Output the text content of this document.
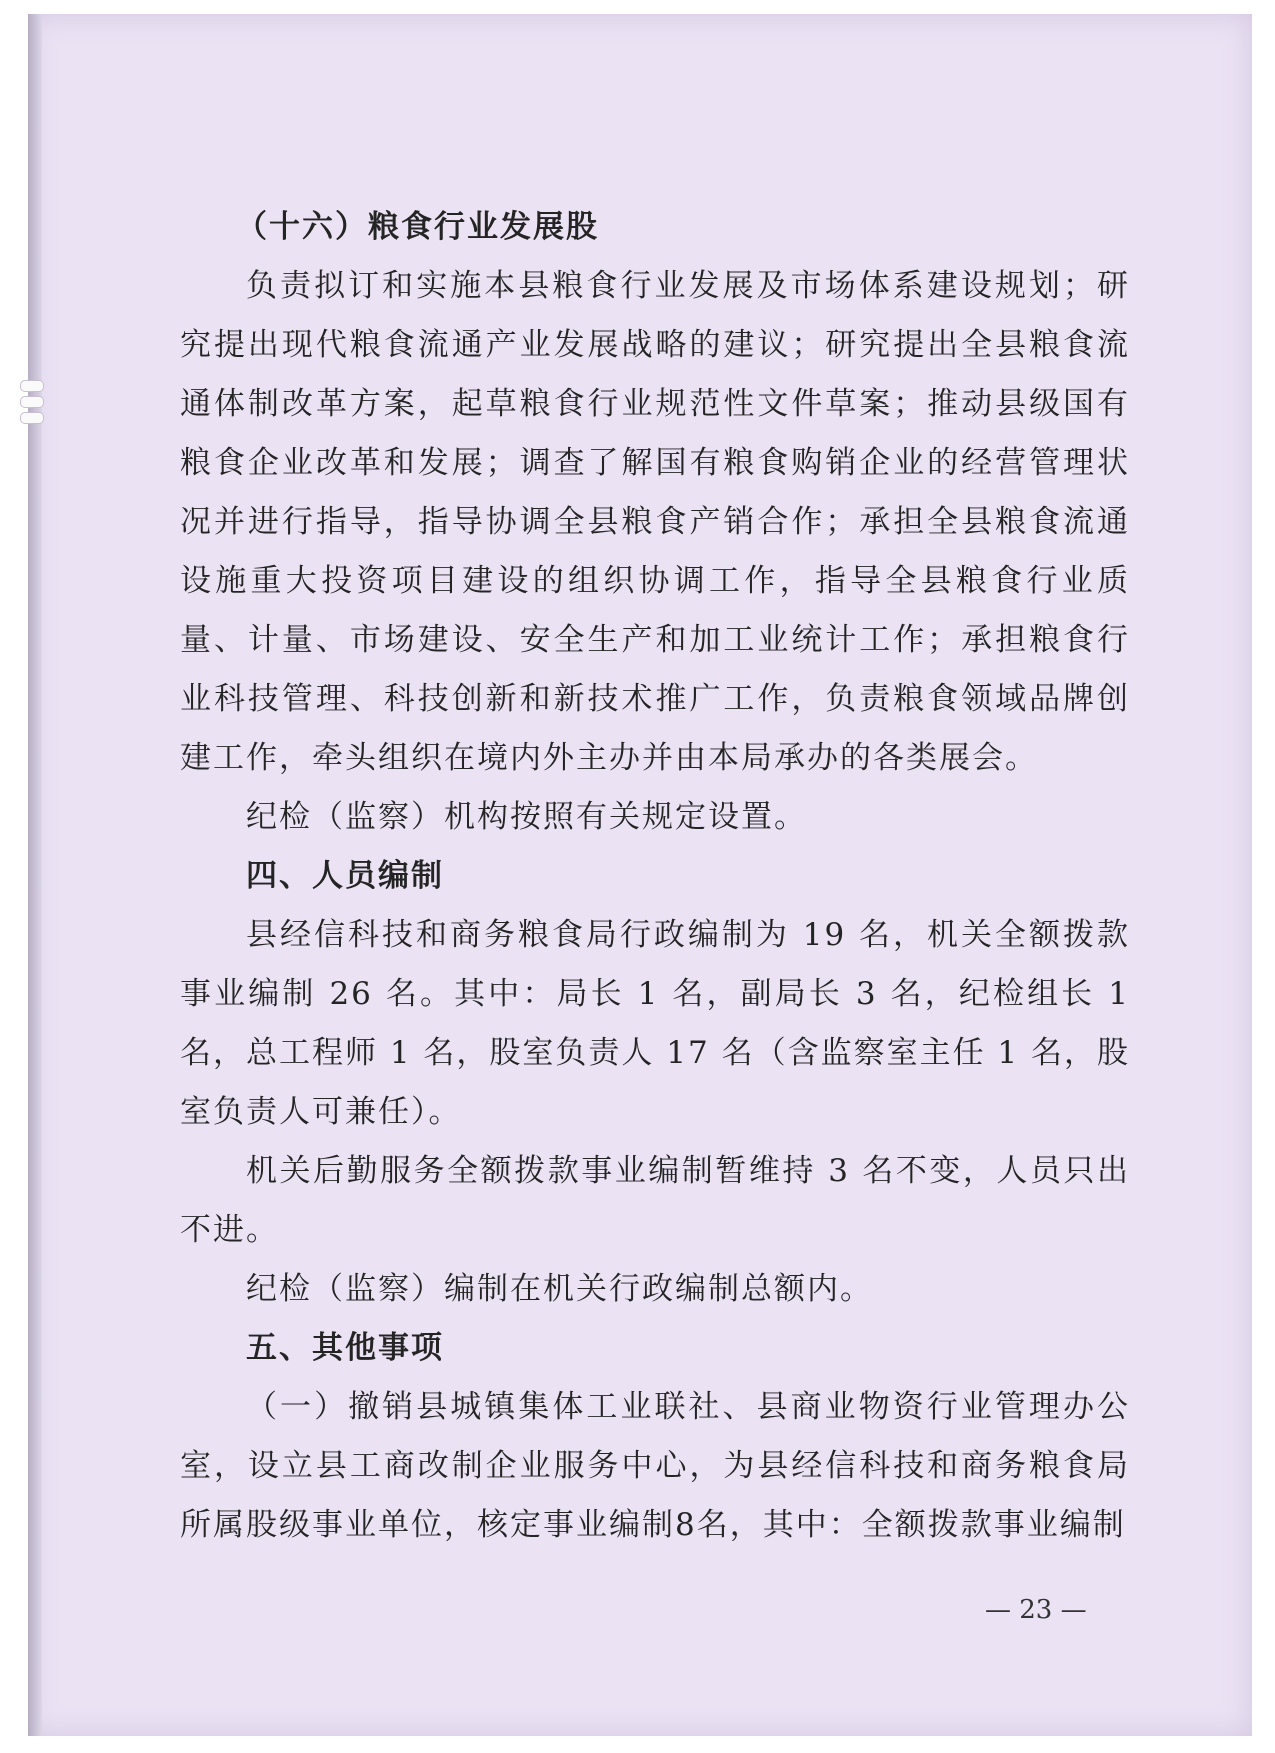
（十六）粮食行业发展股

负责拟订和实施本县粮食行业发展及市场体系建设规划；研究提出现代粮食流通产业发展战略的建议；研究提出全县粮食流通体制改革方案，起草粮食行业规范性文件草案；推动县级国有粮食企业改革和发展；调查了解国有粮食购销企业的经营管理状况并进行指导，指导协调全县粮食产销合作；承担全县粮食流通设施重大投资项目建设的组织协调工作，指导全县粮食行业质量、计量、市场建设、安全生产和加工业统计工作；承担粮食行业科技管理、科技创新和新技术推广工作，负责粮食领域品牌创建工作，牵头组织在境内外主办并由本局承办的各类展会。

纪检（监察）机构按照有关规定设置。

四、人员编制

县经信科技和商务粮食局行政编制为 19 名，机关全额拨款事业编制 26 名。其中：局长 1 名，副局长 3 名，纪检组长 1 名，总工程师 1 名，股室负责人 17 名（含监察室主任 1 名，股室负责人可兼任）。

机关后勤服务全额拨款事业编制暂维持 3 名不变，人员只出不进。

纪检（监察）编制在机关行政编制总额内。

五、其他事项

（一）撤销县城镇集体工业联社、县商业物资行业管理办公室，设立县工商改制企业服务中心，为县经信科技和商务粮食局所属股级事业单位，核定事业编制8名，其中：全额拨款事业编制

— 23 —
